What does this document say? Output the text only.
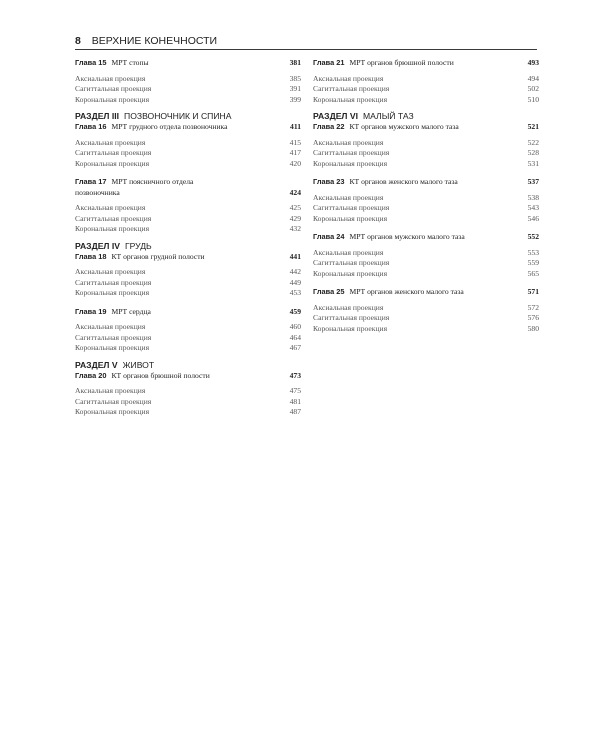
8 ВЕРХНИЕ КОНЕЧНОСТИ
Глава 15 МРТ стопы	381
Аксиальная проекция	385
Сагиттальная проекция	391
Корональная проекция	399
РАЗДЕЛ III ПОЗВОНОЧНИК И СПИНА
Глава 16 МРТ грудного отдела позвоночника	411
Аксиальная проекция	415
Сагиттальная проекция	417
Корональная проекция	420
Глава 17 МРТ поясничного отдела
позвоночника	424
Аксиальная проекция	425
Сагиттальная проекция	429
Корональная проекция	432
РАЗДЕЛ IV ГРУДЬ
Глава 18 КТ органов грудной полости	441
Аксиальная проекция	442
Сагиттальная проекция	449
Корональная проекция	453
Глава 19 МРТ сердца	459
Аксиальная проекция	460
Сагиттальная проекция	464
Корональная проекция	467
РАЗДЕЛ V ЖИВОТ
Глава 20 КТ органов брюшной полости	473
Аксиальная проекция	475
Сагиттальная проекция	481
Корональная проекция	487
Глава 21 МРТ органов брюшной полости	493
Аксиальная проекция	494
Сагиттальная проекция	502
Корональная проекция	510
РАЗДЕЛ VI МАЛЫЙ ТАЗ
Глава 22 КТ органов мужского малого таза	521
Аксиальная проекция	522
Сагиттальная проекция	528
Корональная проекция	531
Глава 23 КТ органов женского малого таза	537
Аксиальная проекция	538
Сагиттальная проекция	543
Корональная проекция	546
Глава 24 МРТ органов мужского малого таза	552
Аксиальная проекция	553
Сагиттальная проекция	559
Корональная проекция	565
Глава 25 МРТ органов женского малого таза	571
Аксиальная проекция	572
Сагиттальная проекция	576
Корональная проекция	580
